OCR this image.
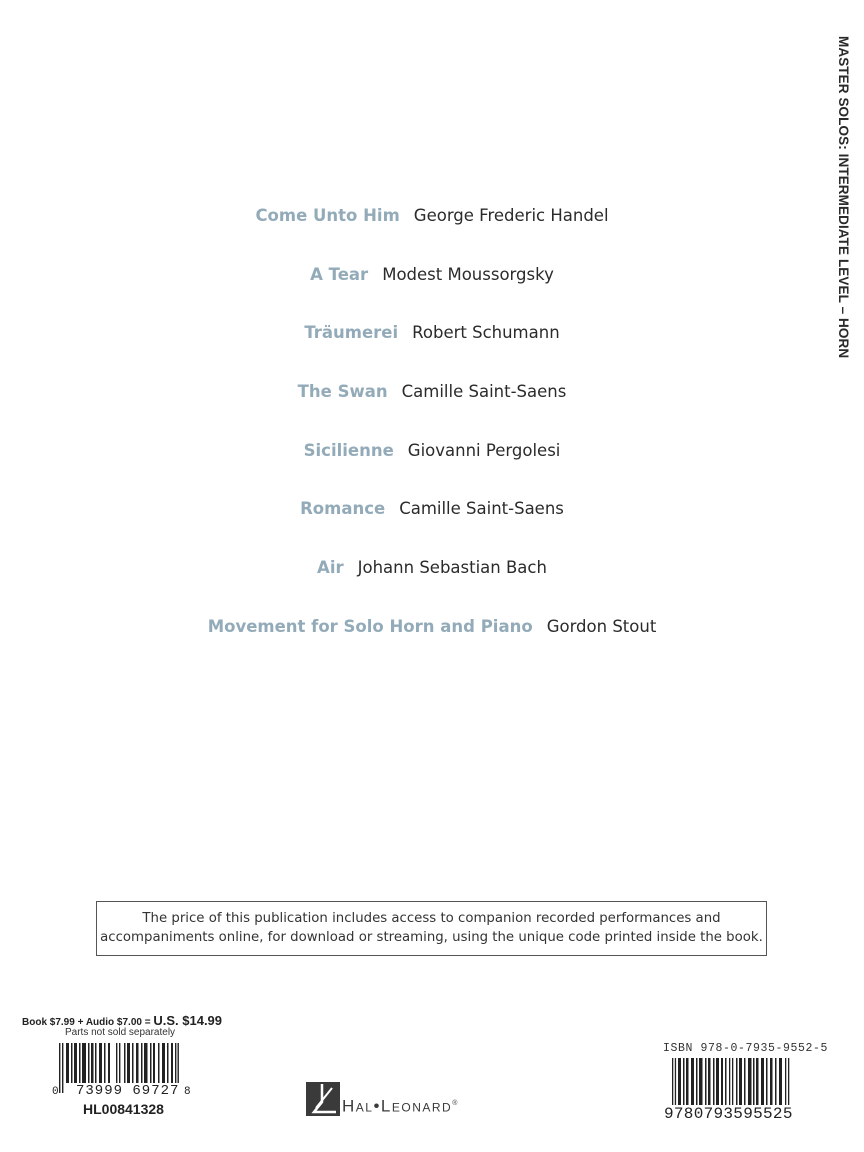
MASTER SOLOS: INTERMEDIATE LEVEL – HORN
Come Unto Him George Frederic Handel
A Tear Modest Moussorgsky
Träumerei Robert Schumann
The Swan Camille Saint-Saens
Sicilienne Giovanni Pergolesi
Romance Camille Saint-Saens
Air Johann Sebastian Bach
Movement for Solo Horn and Piano Gordon Stout
The price of this publication includes access to companion recorded performances and
accompaniments online, for download or streaming, using the unique code printed inside the book.
Book $7.99 + Audio $7.00 = U.S. $14.99
Parts not sold separately
0 73999 69727 8
HL00841328	Hal•Leonard®
ISBN 978-0-7935-9552-5
9780793595525
